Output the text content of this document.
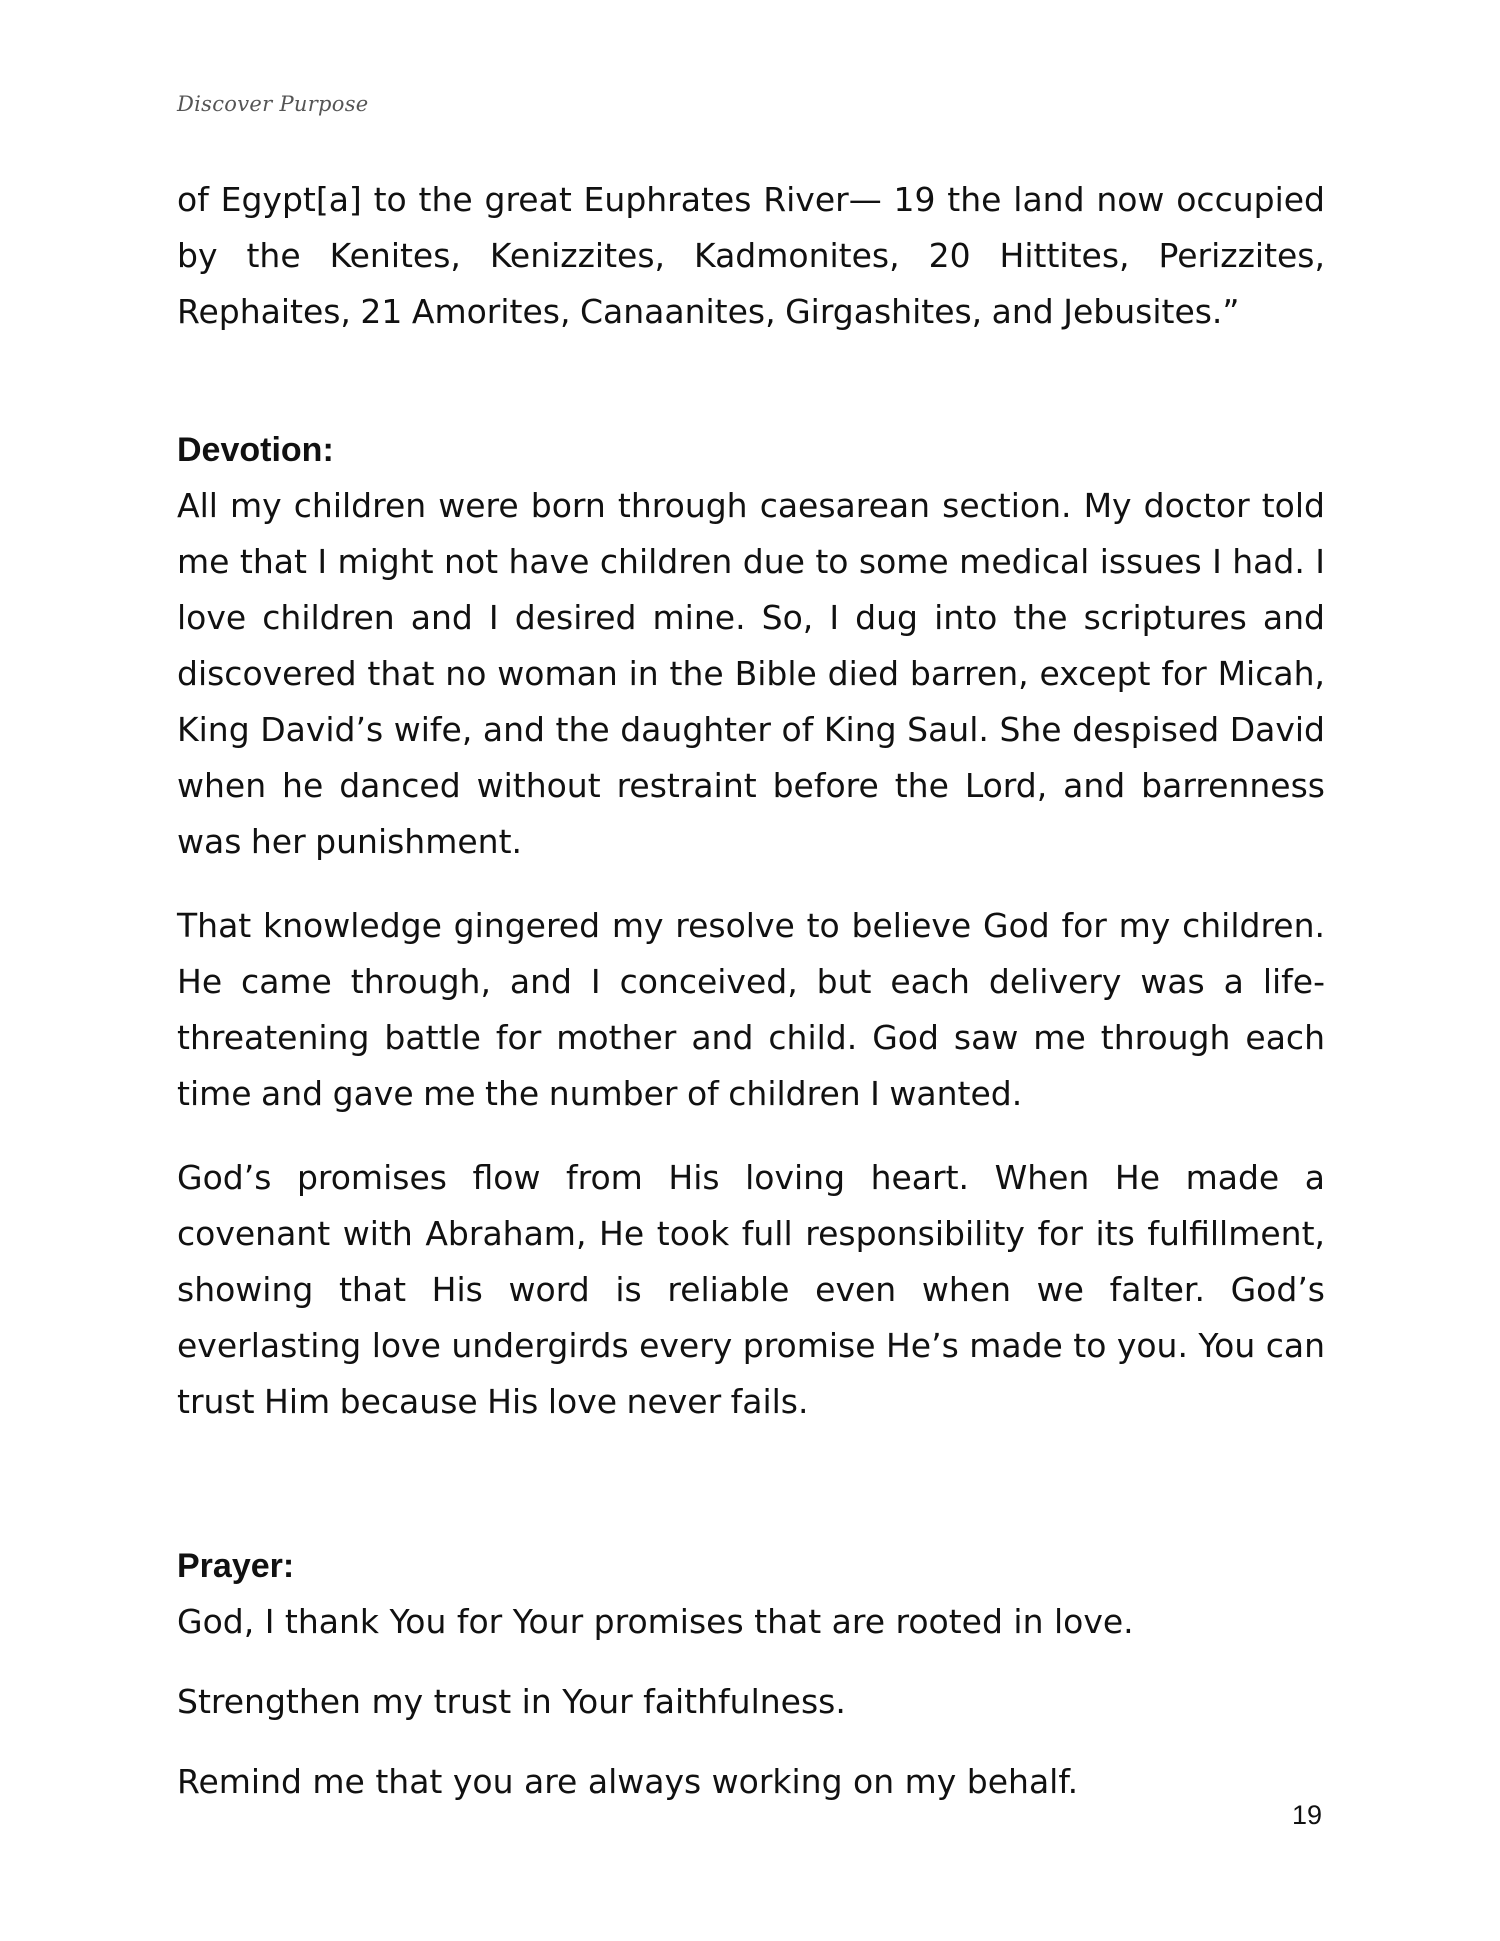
Discover Purpose

of Egypt[a] to the great Euphrates River— 19 the land now occupied by the Kenites, Kenizzites, Kadmonites, 20 Hittites, Perizzites, Rephaites, 21 Amorites, Canaanites, Girgashites, and Jebusites.”

Devotion:

All my children were born through caesarean section. My doctor told me that I might not have children due to some medical issues I had. I love children and I desired mine. So, I dug into the scriptures and discovered that no woman in the Bible died barren, except for Micah, King David’s wife, and the daughter of King Saul. She despised David when he danced without restraint before the Lord, and barrenness was her punishment.

That knowledge gingered my resolve to believe God for my children. He came through, and I conceived, but each delivery was a life-threatening battle for mother and child. God saw me through each time and gave me the number of children I wanted.

God’s promises flow from His loving heart. When He made a covenant with Abraham, He took full responsibility for its fulfillment, showing that His word is reliable even when we falter. God’s everlasting love undergirds every promise He’s made to you. You can trust Him because His love never fails.

Prayer:

God, I thank You for Your promises that are rooted in love.

Strengthen my trust in Your faithfulness.

Remind me that you are always working on my behalf.

19
